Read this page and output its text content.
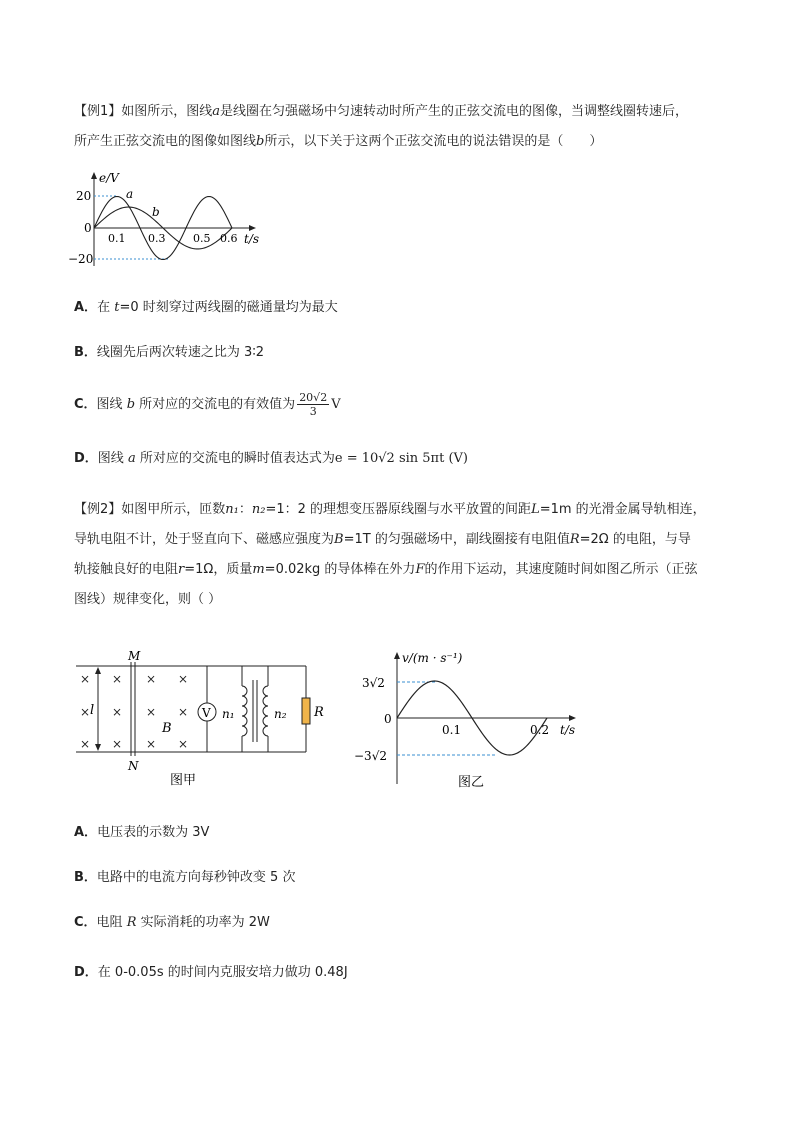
【例1】如图所示，图线a是线圈在匀强磁场中匀速转动时所产生的正弦交流电的图像，当调整线圈转速后，
所产生正弦交流电的图像如图线b所示，以下关于这两个正弦交流电的说法错误的是（　　）
e/V
t/s
20
−20
0
0.1 0.3	0.5 0.6
a
b
A．在 t=0 时刻穿过两线圈的磁通量均为最大
B．线圈先后两次转速之比为 3∶2
C．图线 b 所对应的交流电的有效值为 $\frac{20√2}{3}$ V
D．图线 a 所对应的交流电的瞬时值表达式为e = 10√2 sin 5πt (V)
【例2】如图甲所示，匝数n₁：n₂=1：2 的理想变压器原线圈与水平放置的间距L=1m 的光滑金属导轨相连，
导轨电阻不计，处于竖直向下、磁感应强度为B=1T 的匀强磁场中，副线圈接有电阻值R=2Ω 的电阻，与导
轨接触良好的电阻r=1Ω，质量m=0.02kg 的导体棒在外力F的作用下运动，其速度随时间如图乙所示（正弦
图线）规律变化，则（ ）
× × × ×
× × × ×
× × × ×
l
M
N
B
V n₁	n₂ R
图甲
v/(m · s⁻¹)
t/s
3√2
−3√2
0
0.1	0.2
图乙
A．电压表的示数为 3V
B．电路中的电流方向每秒钟改变 5 次
C．电阻 R 实际消耗的功率为 2W
D．在 0-0.05s 的时间内克服安培力做功 0.48J
